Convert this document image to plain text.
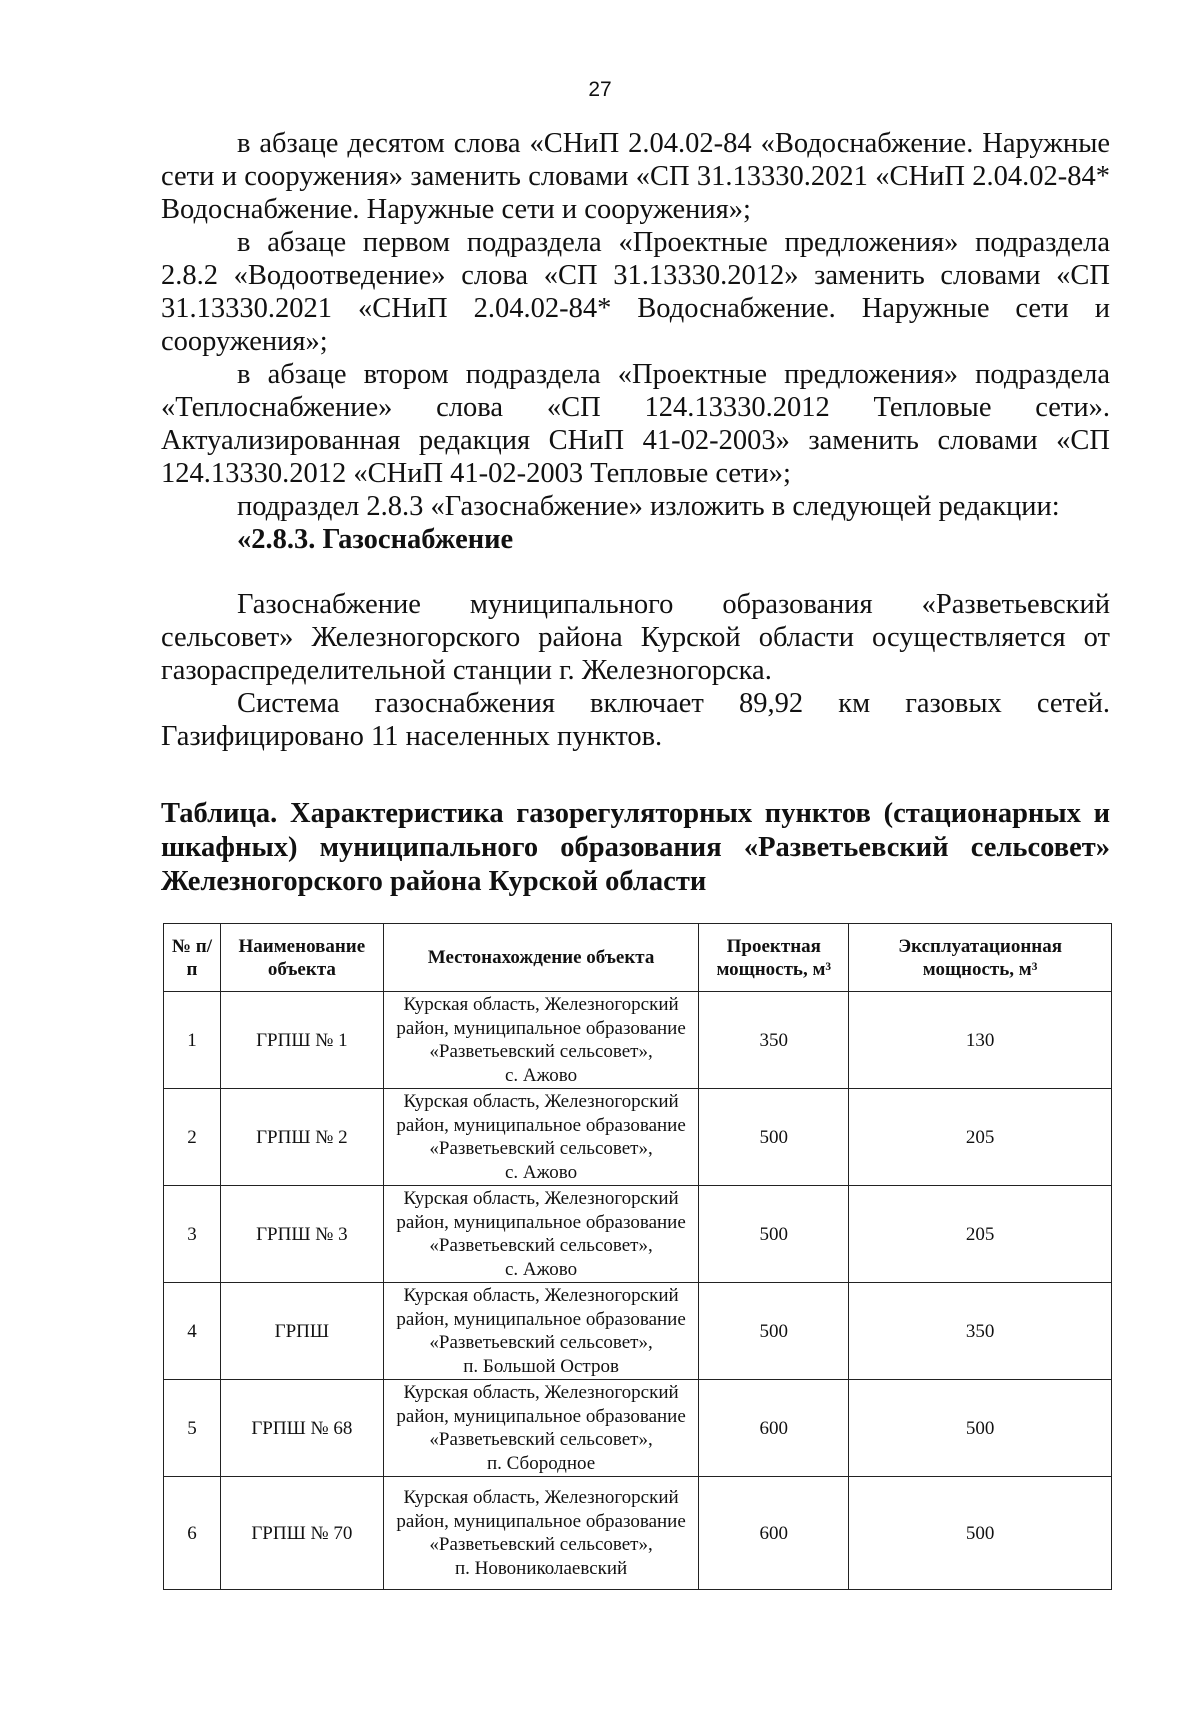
27

в абзаце десятом слова «СНиП 2.04.02-84 «Водоснабжение. Наружные сети и сооружения» заменить словами «СП 31.13330.2021 «СНиП 2.04.02-84* Водоснабжение. Наружные сети и сооружения»;

в абзаце первом подраздела «Проектные предложения» подраздела 2.8.2 «Водоотведение» слова «СП 31.13330.2012» заменить словами «СП 31.13330.2021 «СНиП 2.04.02-84* Водоснабжение. Наружные сети и сооружения»;

в абзаце втором подраздела «Проектные предложения» подраздела «Теплоснабжение» слова «СП 124.13330.2012 Тепловые сети». Актуализированная редакция СНиП 41-02-2003» заменить словами «СП 124.13330.2012 «СНиП 41-02-2003 Тепловые сети»;

подраздел 2.8.3 «Газоснабжение» изложить в следующей редакции:

«2.8.3. Газоснабжение

Газоснабжение муниципального образования «Разветьевский сельсовет» Железногорского района Курской области осуществляется от газораспределительной станции г. Железногорска.

Система газоснабжения включает 89,92 км газовых сетей. Газифицировано 11 населенных пунктов.

Таблица. Характеристика газорегуляторных пунктов (стационарных и шкафных) муниципального образования «Разветьевский сельсовет» Железногорского района Курской области
№ п/п	Наименование объекта	Местонахождение объекта	Проектная мощность, м³	Эксплуатационная мощность, м³
1	ГРПШ № 1	Курская область, Железногорский
район, муниципальное образование
«Разветьевский сельсовет»,
с. Ажово	350	130
2	ГРПШ № 2	Курская область, Железногорский
район, муниципальное образование
«Разветьевский сельсовет»,
с. Ажово	500	205
3	ГРПШ № 3	Курская область, Железногорский
район, муниципальное образование
«Разветьевский сельсовет»,
с. Ажово	500	205
4	ГРПШ	Курская область, Железногорский
район, муниципальное образование
«Разветьевский сельсовет»,
п. Большой Остров	500	350
5	ГРПШ № 68	Курская область, Железногорский
район, муниципальное образование
«Разветьевский сельсовет»,
п. Сбородное	600	500
6	ГРПШ № 70	Курская область, Железногорский
район, муниципальное образование
«Разветьевский сельсовет»,
п. Новониколаевский	600	500
